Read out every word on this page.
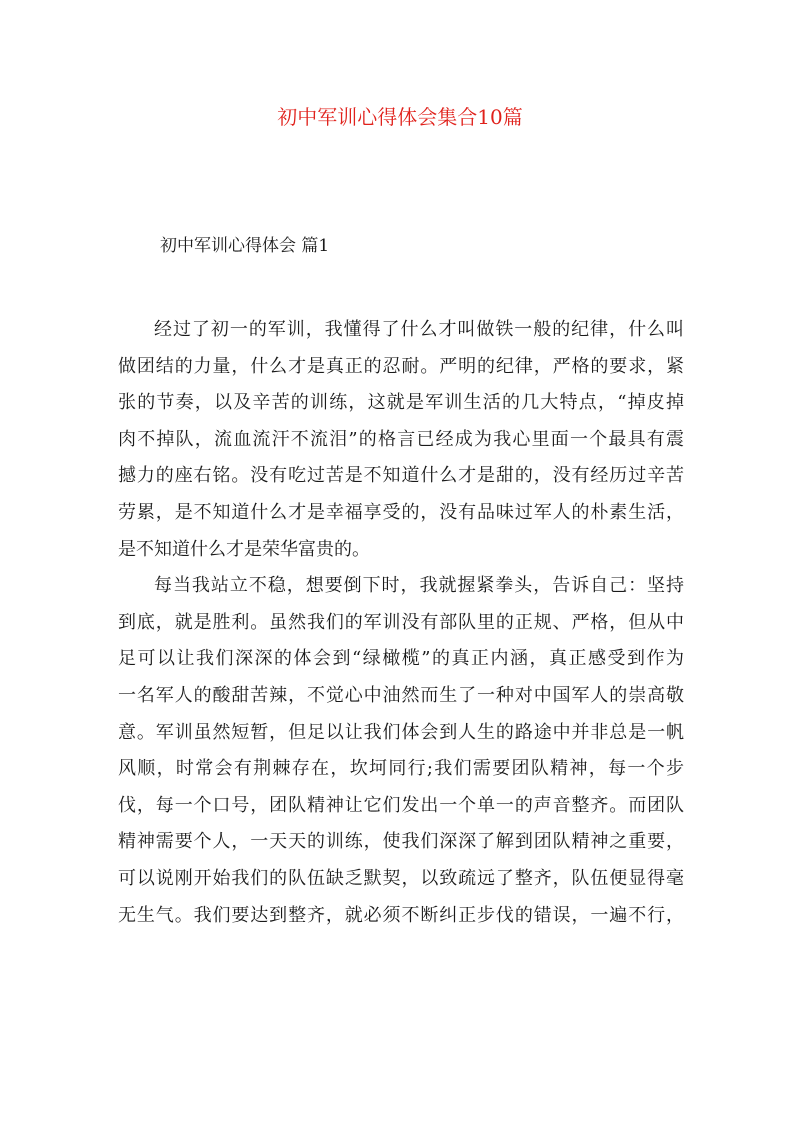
初中军训心得体会集合10篇
初中军训心得体会 篇1

经过了初一的军训，我懂得了什么才叫做铁一般的纪律，什么叫
做团结的力量，什么才是真正的忍耐。严明的纪律，严格的要求，紧
张的节奏，以及辛苦的训练，这就是军训生活的几大特点，“掉皮掉
肉不掉队，流血流汗不流泪”的格言已经成为我心里面一个最具有震
撼力的座右铭。没有吃过苦是不知道什么才是甜的，没有经历过辛苦
劳累，是不知道什么才是幸福享受的，没有品味过军人的朴素生活，
是不知道什么才是荣华富贵的。

每当我站立不稳，想要倒下时，我就握紧拳头，告诉自己：坚持
到底，就是胜利。虽然我们的军训没有部队里的正规、严格，但从中
足可以让我们深深的体会到“绿橄榄”的真正内涵，真正感受到作为
一名军人的酸甜苦辣，不觉心中油然而生了一种对中国军人的崇高敬
意。军训虽然短暂，但足以让我们体会到人生的路途中并非总是一帆
风顺，时常会有荆棘存在，坎坷同行;我们需要团队精神，每一个步
伐，每一个口号，团队精神让它们发出一个单一的声音整齐。而团队
精神需要个人，一天天的训练，使我们深深了解到团队精神之重要，
可以说刚开始我们的队伍缺乏默契，以致疏远了整齐，队伍便显得毫
无生气。我们要达到整齐，就必须不断纠正步伐的错误，一遍不行，
